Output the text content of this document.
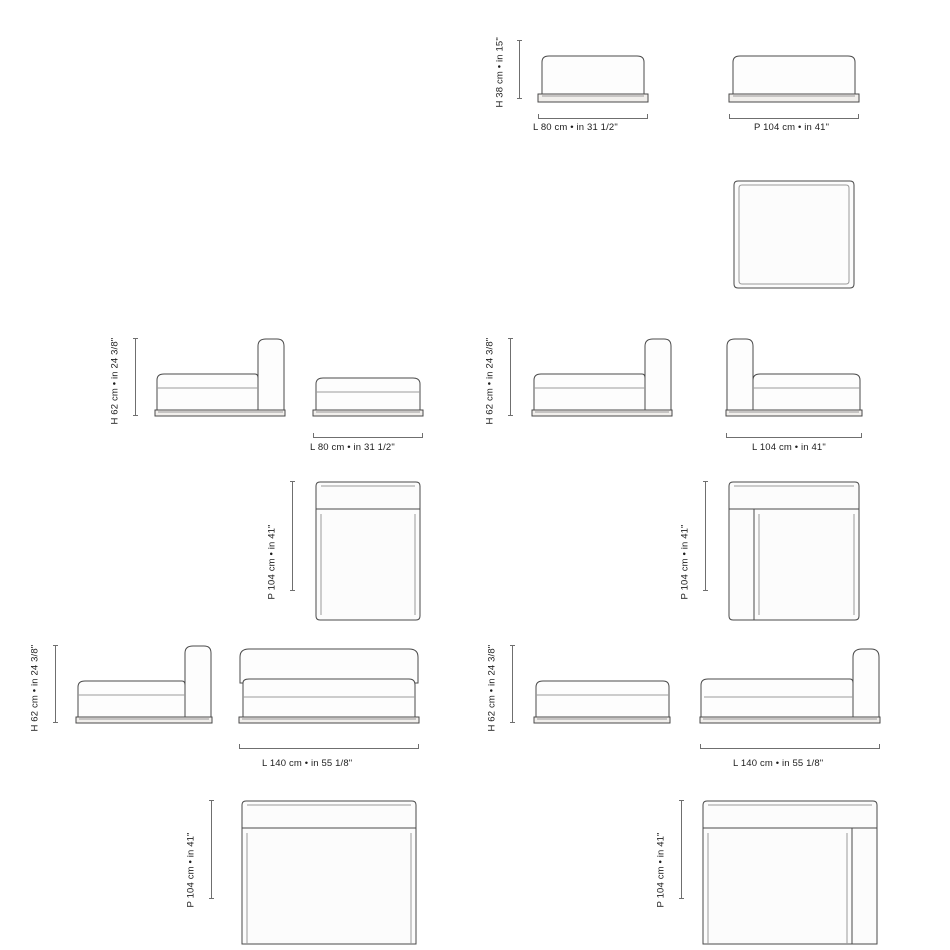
H 38 cm • in 15"
L 80 cm • in 31 1/2"	P 104 cm • in 41"
H 62 cm • in 24 3/8"
L 80 cm • in 31 1/2"
P 104 cm • in 41"
H 62 cm • in 24 3/8"
L 104 cm • in 41"
P 104 cm • in 41"
H 62 cm • in 24 3/8"
L 140 cm • in 55 1/8"
P 104 cm • in 41"
H 62 cm • in 24 3/8"
L 140 cm • in 55 1/8"
P 104 cm • in 41"
